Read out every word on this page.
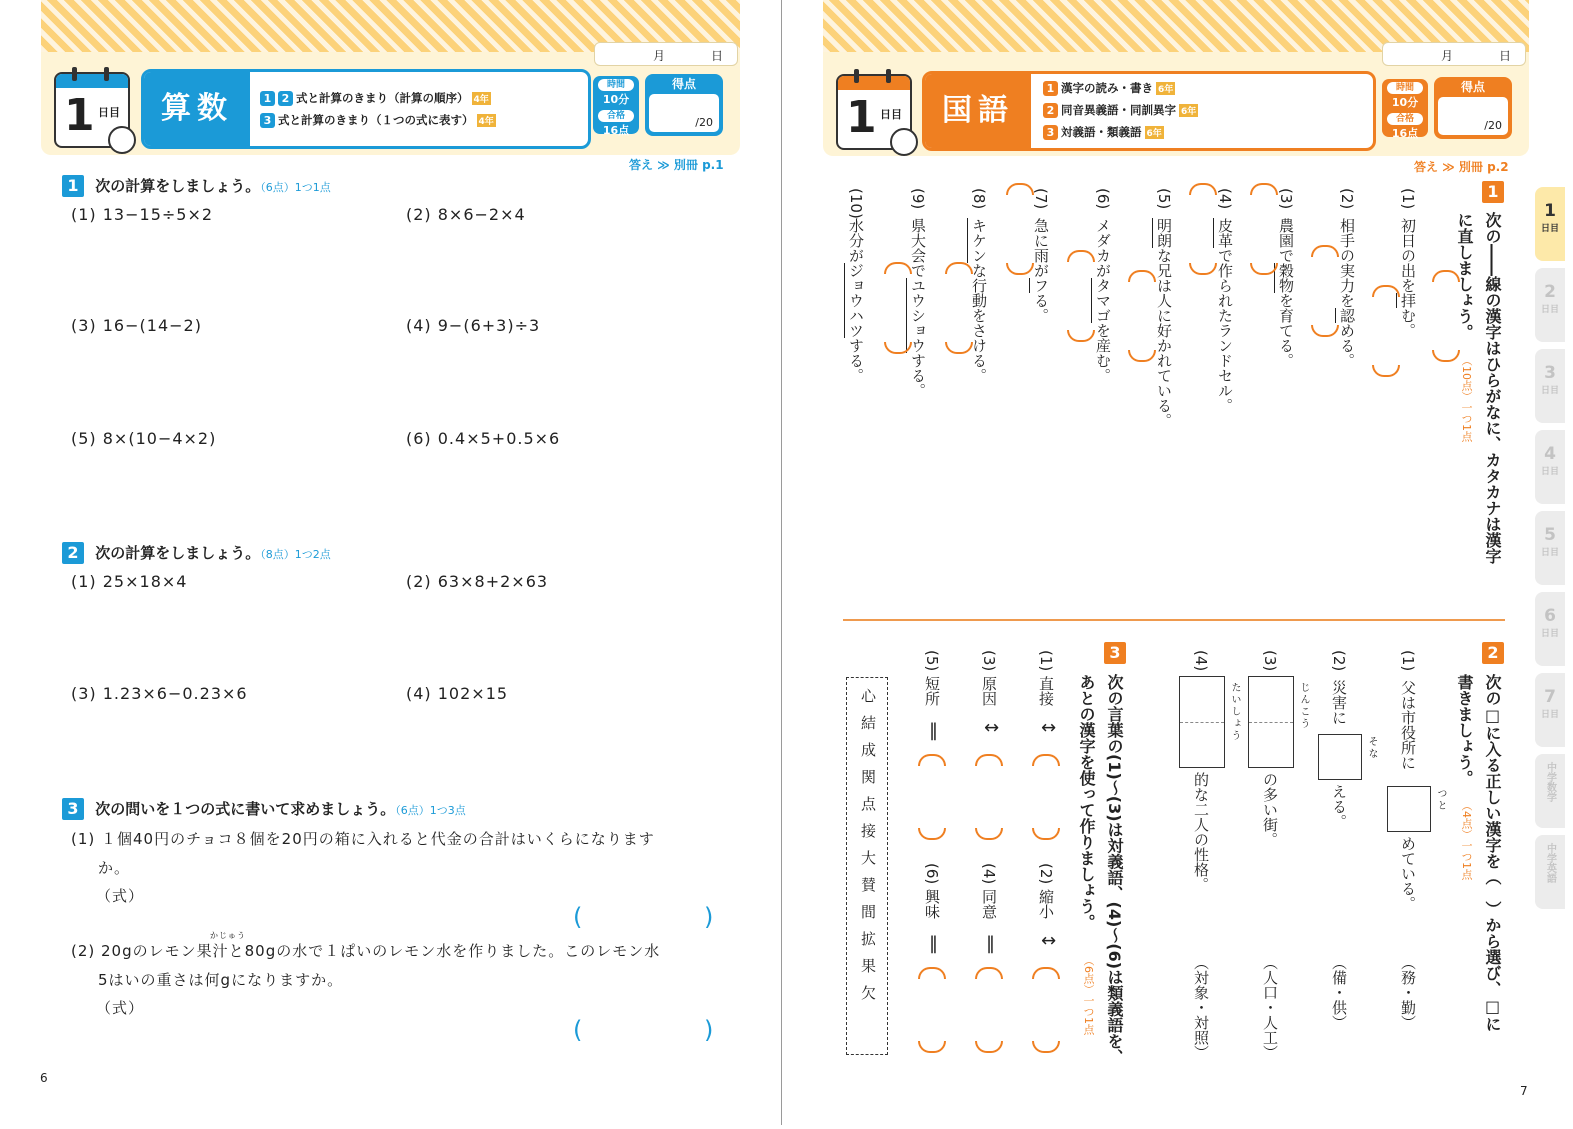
月	日
1 日目	算数	1 2 式と計算のきまり（計算の順序） 4年
3 式と計算のきまり（１つの式に表す） 4年
時間
10分
合格
16点
得点
/20
答え ≫ 別冊 p.1
1 次の計算をしましょう。（6点）1つ1点
(1) 13−15÷5×2	(2) 8×6−2×4
(3) 16−(14−2)	(4) 9−(6+3)÷3
(5) 8×(10−4×2)	(6) 0.4×5+0.5×6
2 次の計算をしましょう。（8点）1つ2点
(1) 25×18×4	(2) 63×8+2×63
(3) 1.23×6−0.23×6	(4) 102×15
3 次の問いを１つの式に書いて求めましょう。（6点）1つ3点
(1) １個40円のチョコ８個を20円の箱に入れると代金の合計はいくらになります
か。
（式）
(	)
かじゅう
(2) 20gのレモン果汁と80gの水で１ぱいのレモン水を作りました。このレモン水
5はいの重さは何gになりますか。
（式）
(	)
6
月	日
1 日目	国語
1 漢字の読み・書き 6年
2 同音異義語・同訓異字 6年
3 対義語・類義語 6年
時間
10分
合格
16点
得点
/20
答え ≫ 別冊 p.2
1
日目
2
日目
3
日目
4
日目
5
日目
6
日目
7
日目
中学数学
中学英語
1
次の――線の漢字はひらがなに、カタカナは漢字
に直しましょう。
（10点）一つ1点
(1)
初日の出を拝む。
(2)
相手の実力を認める。
(3)
農園で穀物を育てる。
(4)
皮革で作られたランドセル。
(5)
明朗な兄は人に好かれている。
(6)
メダカがタマゴを産む。
(7)
急に雨がフる。
(8)
キケンな行動をさける。
(9)
県大会でユウショウする。
(10)
水分がジョウハツする。
2
次の□に入る正しい漢字を（　）から選び、□に
書きましょう。
（4点）一つ1点
(1)
父は市役所に
つと
めている。
（務・勤）
(2)
災害に
そな
える。
（備・供）
(3)
じんこう
の多い街。
（人口・人工）
(4)
たいしょう
的な二人の性格。
（対象・対照）
3
次の言葉の(1)〜(3)は対義語、(4)〜(6)は類義語を、
あとの漢字を使って作りましょう。
（6点）一つ1点
(1)
直接
↕
(2)
縮小
↕
(3)
原因
↕
(4)
同意
‖
(5)
短所
‖
(6)
興味
‖
心結成関点接大賛間拡果欠
7
